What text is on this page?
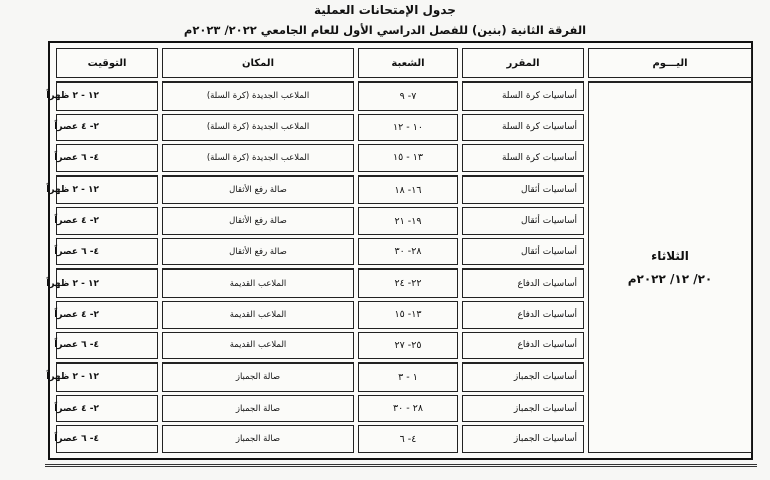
جدول الإمتحانات العملية
الفرقة الثانية (بنين) للفصل الدراسي الأول للعام الجامعي ٢٠٢٢/ ٢٠٢٣م
اليـــوم	المقرر	الشعبة	المكان	التوقيت

الثلاثاء
٢٠/ ١٢/ ٢٠٢٢م	أساسيات كرة السلة	٧- ٩	الملاعب الجديدة (كرة السلة)	١٢ - ٢ ظهراً
	أساسيات كرة السلة	١٠ - ١٢	الملاعب الجديدة (كرة السلة)	٢- ٤ عصراً
	أساسيات كرة السلة	١٣ - ١٥	الملاعب الجديدة (كرة السلة)	٤- ٦ عصراً
	أساسيات أثقال	١٦- ١٨	صالة رفع الأثقال	١٢ - ٢ ظهراً
	أساسيات أثقال	١٩- ٢١	صالة رفع الأثقال	٢- ٤ عصراً
	أساسيات أثقال	٢٨- ٣٠	صالة رفع الأثقال	٤- ٦ عصراً
	أساسيات الدفاع	٢٢- ٢٤	الملاعب القديمة	١٢ - ٢ ظهراً
	أساسيات الدفاع	١٣- ١٥	الملاعب القديمة	٢- ٤ عصراً
	أساسيات الدفاع	٢٥- ٢٧	الملاعب القديمة	٤- ٦ عصراً
	أساسيات الجمباز	١ - ٣	صالة الجمباز	١٢ - ٢ ظهراً
	أساسيات الجمباز	٢٨ - ٣٠	صالة الجمباز	٢- ٤ عصراً
	أساسيات الجمباز	٤- ٦	صالة الجمباز	٤- ٦ عصراً
